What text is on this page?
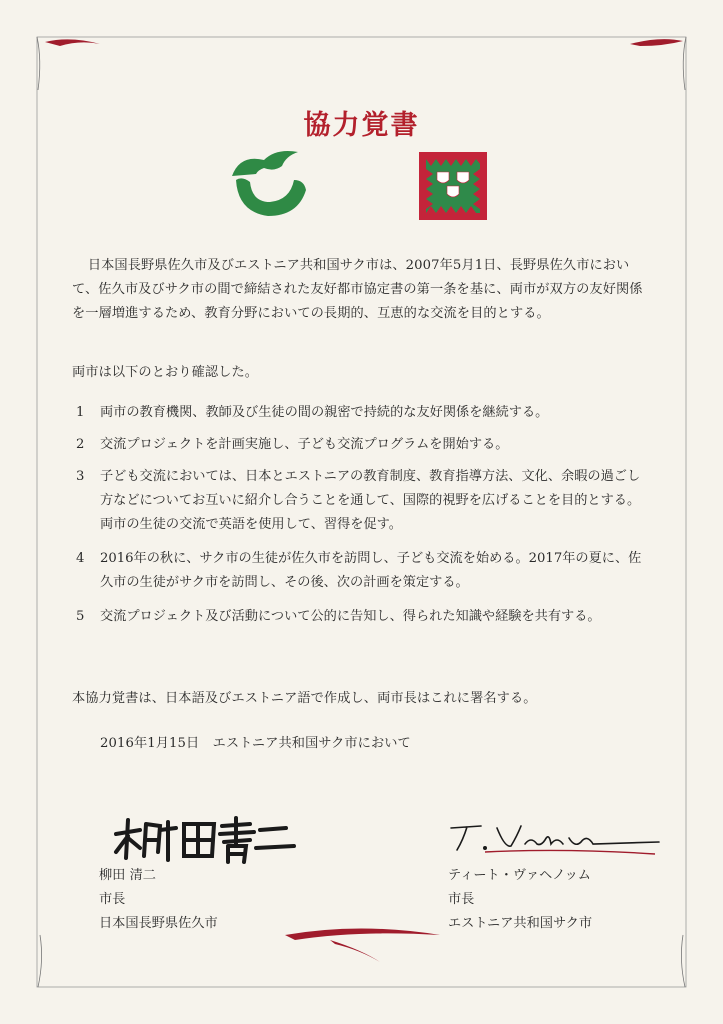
協力覚書

日本国長野県佐久市及びエストニア共和国サク市は、2007年5月1日、長野県佐久市において、佐久市及びサク市の間で締結された友好都市協定書の第一条を基に、両市が双方の友好関係を一層増進するため、教育分野においての長期的、互恵的な交流を目的とする。

両市は以下のとおり確認した。

1 両市の教育機関、教師及び生徒の間の親密で持続的な友好関係を継続する。
2 交流プロジェクトを計画実施し、子ども交流プログラムを開始する。
3 子ども交流においては、日本とエストニアの教育制度、教育指導方法、文化、余暇の過ごし方などについてお互いに紹介し合うことを通して、国際的視野を広げることを目的とする。両市の生徒の交流で英語を使用して、習得を促す。
4 2016年の秋に、サク市の生徒が佐久市を訪問し、子ども交流を始める。2017年の夏に、佐久市の生徒がサク市を訪問し、その後、次の計画を策定する。
5 交流プロジェクト及び活動について公的に告知し、得られた知識や経験を共有する。

本協力覚書は、日本語及びエストニア語で作成し、両市長はこれに署名する。

2016年1月15日　エストニア共和国サク市において

柳田 清二
市長
日本国長野県佐久市
ティート・ヴァヘノッム
市長
エストニア共和国サク市
